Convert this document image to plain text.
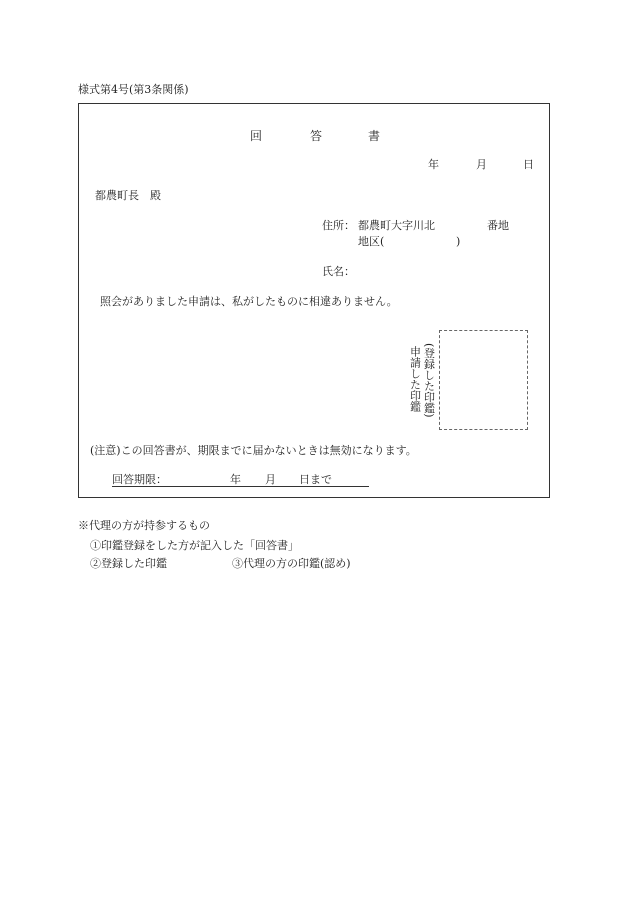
様式第4号(第3条関係)
回	答	書
年	月	日
都農町長　殿
住所： 都農町大字川北	番地
地区(	)
氏名：
照会がありました申請は、私がしたものに相違ありません。
(登録した印鑑)
申請した印鑑
(注意)この回答書が、期限までに届かないときは無効になります。
回答期限：	年 月 日まで
※代理の方が持参するもの
①印鑑登録をした方が記入した「回答書」
②登録した印鑑	③代理の方の印鑑(認め)
